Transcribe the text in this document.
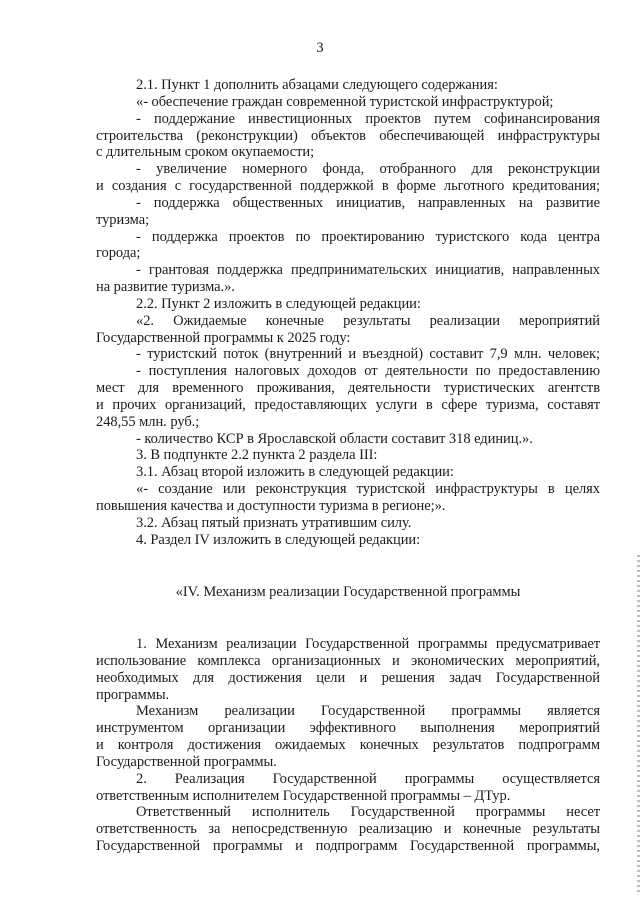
3
2.1. Пункт 1 дополнить абзацами следующего содержания:
«- обеспечение граждан современной туристской инфраструктурой;
- поддержание инвестиционных проектов путем софинансирования
строительства (реконструкции) объектов обеспечивающей инфраструктуры
с длительным сроком окупаемости;
- увеличение номерного фонда, отобранного для реконструкции
и создания с государственной поддержкой в форме льготного кредитования;
- поддержка общественных инициатив, направленных на развитие
туризма;
- поддержка проектов по проектированию туристского кода центра
города;
- грантовая поддержка предпринимательских инициатив, направленных
на развитие туризма.».
2.2. Пункт 2 изложить в следующей редакции:
«2. Ожидаемые конечные результаты реализации мероприятий
Государственной программы к 2025 году:
- туристский поток (внутренний и въездной) составит 7,9 млн. человек;
- поступления налоговых доходов от деятельности по предоставлению
мест для временного проживания, деятельности туристических агентств
и прочих организаций, предоставляющих услуги в сфере туризма, составят
248,55 млн. руб.;
- количество КСР в Ярославской области составит 318 единиц.».
3. В подпункте 2.2 пункта 2 раздела III:
3.1. Абзац второй изложить в следующей редакции:
«- создание или реконструкция туристской инфраструктуры в целях
повышения качества и доступности туризма в регионе;».
3.2. Абзац пятый признать утратившим силу.
4. Раздел IV изложить в следующей редакции:
«IV. Механизм реализации Государственной программы
1. Механизм реализации Государственной программы предусматривает
использование комплекса организационных и экономических мероприятий,
необходимых для достижения цели и решения задач Государственной
программы.
Механизм реализации Государственной программы является
инструментом организации эффективного выполнения мероприятий
и контроля достижения ожидаемых конечных результатов подпрограмм
Государственной программы.
2. Реализация Государственной программы осуществляется
ответственным исполнителем Государственной программы – ДТур.
Ответственный исполнитель Государственной программы несет
ответственность за непосредственную реализацию и конечные результаты
Государственной программы и подпрограмм Государственной программы,
